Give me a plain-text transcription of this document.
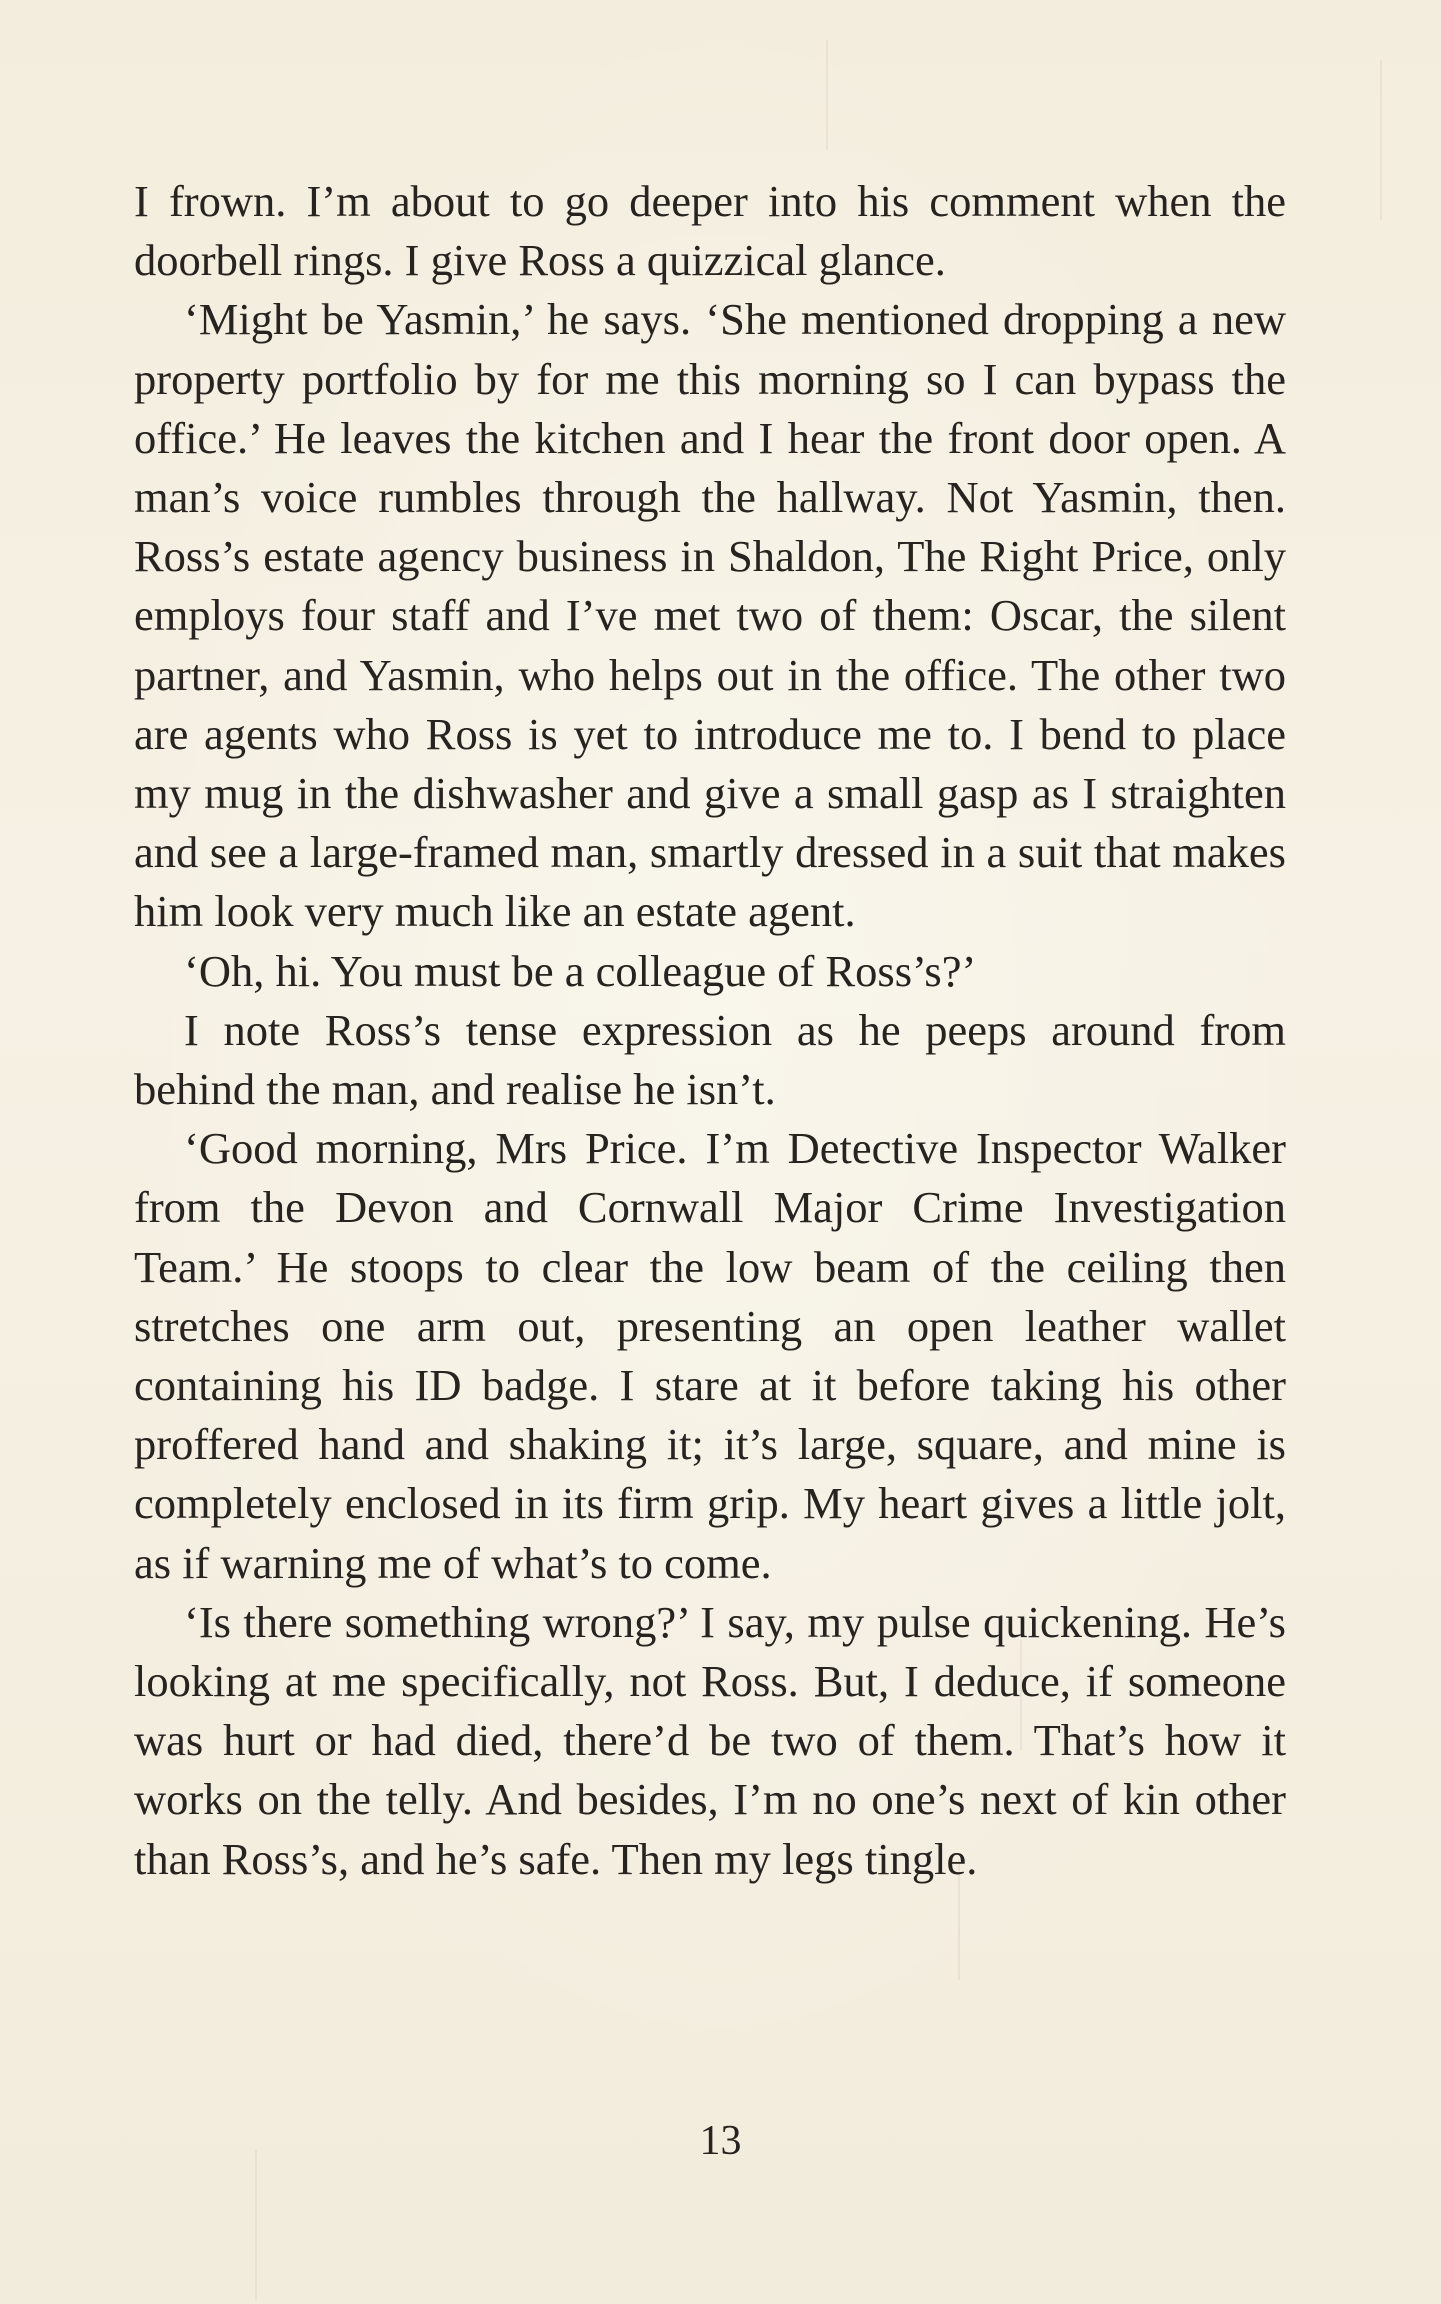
I frown. I’m about to go deeper into his comment when the doorbell rings. I give Ross a quizzical glance.

‘Might be Yasmin,’ he says. ‘She mentioned dropping a new property portfolio by for me this morning so I can bypass the office.’ He leaves the kitchen and I hear the front door open. A man’s voice rumbles through the hallway. Not Yasmin, then. Ross’s estate agency business in Shaldon, The Right Price, only employs four staff and I’ve met two of them: Oscar, the silent partner, and Yasmin, who helps out in the office. The other two are agents who Ross is yet to introduce me to. I bend to place my mug in the dishwasher and give a small gasp as I straighten and see a large-framed man, smartly dressed in a suit that makes him look very much like an estate agent.

‘Oh, hi. You must be a colleague of Ross’s?’

I note Ross’s tense expression as he peeps around from behind the man, and realise he isn’t.

‘Good morning, Mrs Price. I’m Detective Inspector Walker from the Devon and Cornwall Major Crime Investigation Team.’ He stoops to clear the low beam of the ceiling then stretches one arm out, presenting an open leather wallet containing his ID badge. I stare at it before taking his other proffered hand and shaking it; it’s large, square, and mine is completely enclosed in its firm grip. My heart gives a little jolt, as if warning me of what’s to come.

‘Is there something wrong?’ I say, my pulse quickening. He’s looking at me specifically, not Ross. But, I deduce, if someone was hurt or had died, there’d be two of them. That’s how it works on the telly. And besides, I’m no one’s next of kin other than Ross’s, and he’s safe. Then my legs tingle.

13
